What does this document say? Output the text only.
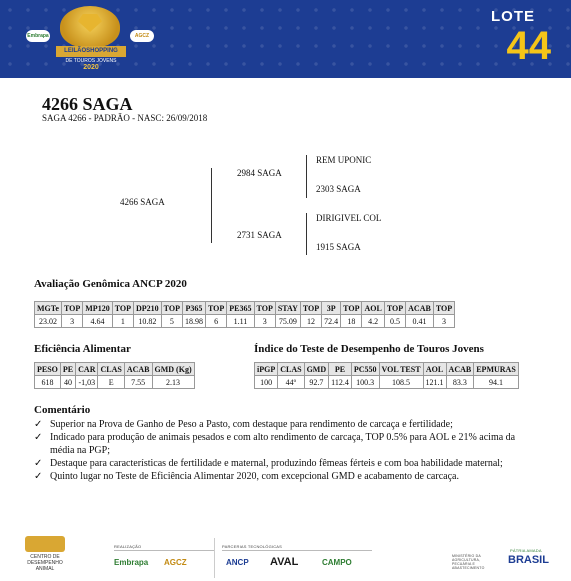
Embrapa	AGCZ
LEILÃOSHOPPING
DE TOUROS JOVENS
2020
LOTE
44
4266 SAGA
SAGA 4266 - PADRÃO - NASC: 26/09/2018
4266 SAGA
2984 SAGA
2731 SAGA
REM UPONIC
2303 SAGA
DIRIGIVEL COL
1915 SAGA
Avaliação Genômica ANCP 2020
MGTe	TOP	MP120	TOP	DP210	TOP	P365	TOP	PE365	TOP	STAY	TOP	3P	TOP	AOL	TOP	ACAB	TOP
23.02	3	4.64	1	10.82	5	18.98	6	1.11	3	75.09	12	72.4	18	4.2	0.5	0.41	3
Eficiência Alimentar
PESO	PE	CAR	CLAS	ACAB	GMD (Kg)
618	40	-1,03	E	7.55	2.13
Índice do Teste de Desempenho de Touros Jovens
iPGP	CLAS	GMD	PE	PC550	VOL TEST	AOL	ACAB	EPMURAS
100	44º	92.7	112.4	100.3	108.5	121.1	83.3	94.1
Comentário
✓ Superior na Prova de Ganho de Peso a Pasto, com destaque para rendimento de carcaça e fertilidade;
✓ Indicado para produção de animais pesados e com alto rendimento de carcaça, TOP 0.5% para AOL e 21% acima da média na PGP;
✓ Destaque para características de fertilidade e maternal, produzindo fêmeas férteis e com boa habilidade maternal;
✓ Quinto lugar no Teste de Eficiência Alimentar 2020, com excepcional GMD e acabamento de carcaça.
CENTRO DE DESEMPENHO ANIMAL
REALIZAÇÃO
Embrapa AGCZ
PARCERIAS TECNOLÓGICAS
ANCP AVAL	CAMPO
MINISTÉRIO DA AGRICULTURA, PECUÁRIA E ABASTECIMENTO
PÁTRIA AMADA
BRASIL
